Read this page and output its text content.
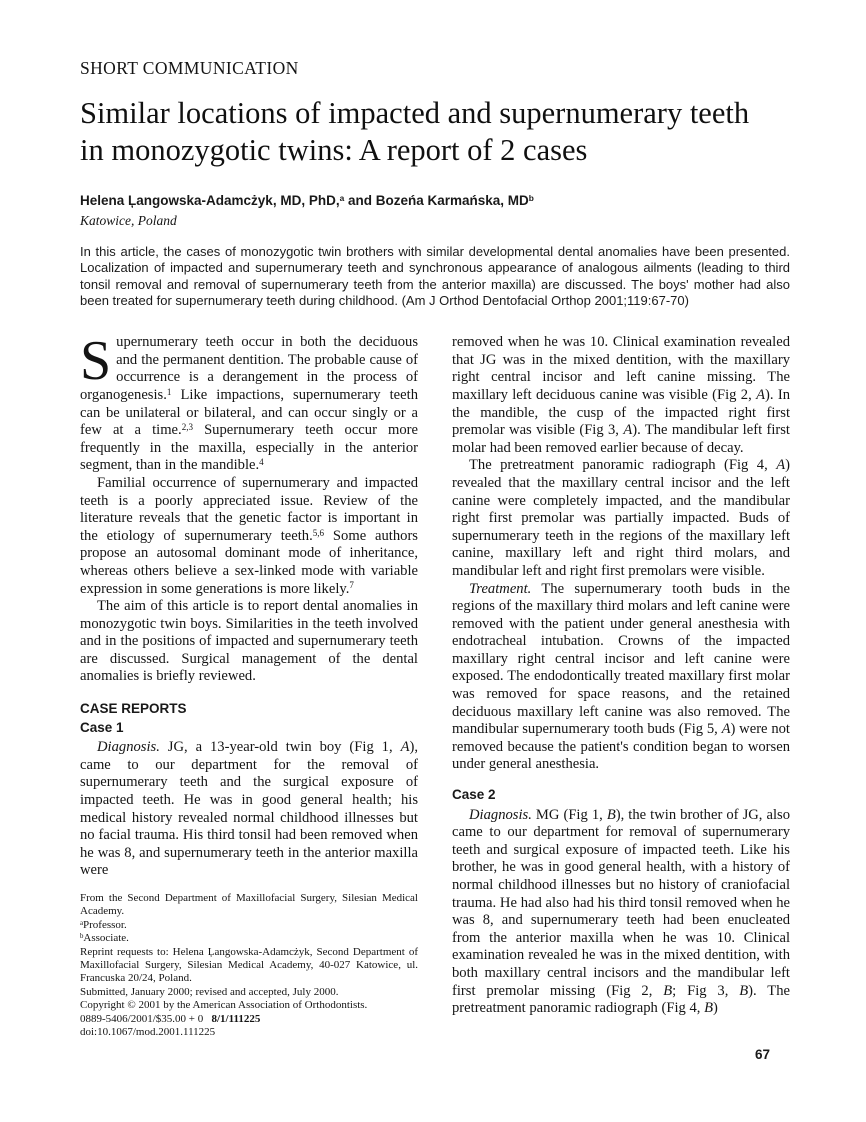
SHORT COMMUNICATION
Similar locations of impacted and supernumerary teeth in monozygotic twins: A report of 2 cases
Helena Ļangowska-Adamcżyk, MD, PhD,$^a$ and Bozeńa Karmańska, $MD^b$
Katowice, Poland
In this article, the cases of monozygotic twin brothers with similar developmental dental anomalies have been presented. Localization of impacted and supernumerary teeth and synchronous appearance of analogous ailments (leading to third tonsil removal and removal of supernumerary teeth from the anterior maxilla) are discussed. The boys' mother had also been treated for supernumerary teeth during childhood. (Am J Orthod Dentofacial Orthop 2001;119:67-70)

Supernumerary teeth occur in both the deciduous and the permanent dentition. The probable cause of occurrence is a derangement in the process of organogenesis.$^1$ Like impactions, supernumerary teeth can be unilateral or bilateral, and can occur singly or a few at a time.$^{2,3}$ Supernumerary teeth occur more frequently in the maxilla, especially in the anterior segment, than in the mandible.$^4$

Familial occurrence of supernumerary and impacted teeth is a poorly appreciated issue. Review of the literature reveals that the genetic factor is important in the etiology of supernumerary teeth.$^{5,6}$ Some authors propose an autosomal dominant mode of inheritance, whereas others believe a sex-linked mode with variable expression in some generations is more likely.$^7$

The aim of this article is to report dental anomalies in monozygotic twin boys. Similarities in the teeth involved and in the positions of impacted and supernumerary teeth are discussed. Surgical management of the dental anomalies is briefly reviewed.

CASE REPORTS
Case 1

Diagnosis. JG, a 13-year-old twin boy (Fig 1, A), came to our department for the removal of supernumerary teeth and the surgical exposure of impacted teeth. He was in good general health; his medical history revealed normal childhood illnesses but no facial trauma. His third tonsil had been removed when he was 8, and supernumerary teeth in the anterior maxilla were

From the Second Department of Maxillofacial Surgery, Silesian Medical Academy.

$^a$Professor.

$^b$Associate.

Reprint requests to: Helena Ļangowska-Adamcżyk, Second Department of Maxillofacial Surgery, Silesian Medical Academy, 40-027 Katowice, ul. Francuska 20/24, Poland.

Submitted, January 2000; revised and accepted, July 2000.

Copyright © 2001 by the American Association of Orthodontists.

0889-5406/2001/$35.00 + 0   8/1/111225

doi:10.1067/mod.2001.111225

removed when he was 10. Clinical examination revealed that JG was in the mixed dentition, with the maxillary right central incisor and left canine missing. The maxillary left deciduous canine was visible (Fig 2, A). In the mandible, the cusp of the impacted right first premolar was visible (Fig 3, A). The mandibular left first molar had been removed earlier because of decay.

The pretreatment panoramic radiograph (Fig 4, A) revealed that the maxillary central incisor and the left canine were completely impacted, and the mandibular right first premolar was partially impacted. Buds of supernumerary teeth in the regions of the maxillary left canine, maxillary left and right third molars, and mandibular left and right first premolars were visible.

Treatment. The supernumerary tooth buds in the regions of the maxillary third molars and left canine were removed with the patient under general anesthesia with endotracheal intubation. Crowns of the impacted maxillary right central incisor and left canine were exposed. The endodontically treated maxillary first molar was removed for space reasons, and the retained deciduous maxillary left canine was also removed. The mandibular supernumerary tooth buds (Fig 5, A) were not removed because the patient's condition began to worsen under general anesthesia.

Case 2

Diagnosis. MG (Fig 1, B), the twin brother of JG, also came to our department for removal of supernumerary teeth and surgical exposure of impacted teeth. Like his brother, he was in good general health, with a history of normal childhood illnesses but no history of craniofacial trauma. He had also had his third tonsil removed when he was 8, and supernumerary teeth had been enucleated from the anterior maxilla when he was 10. Clinical examination revealed he was in the mixed dentition, with both maxillary central incisors and the mandibular left first premolar missing (Fig 2, B; Fig 3, B). The pretreatment panoramic radiograph (Fig 4, B)

67
